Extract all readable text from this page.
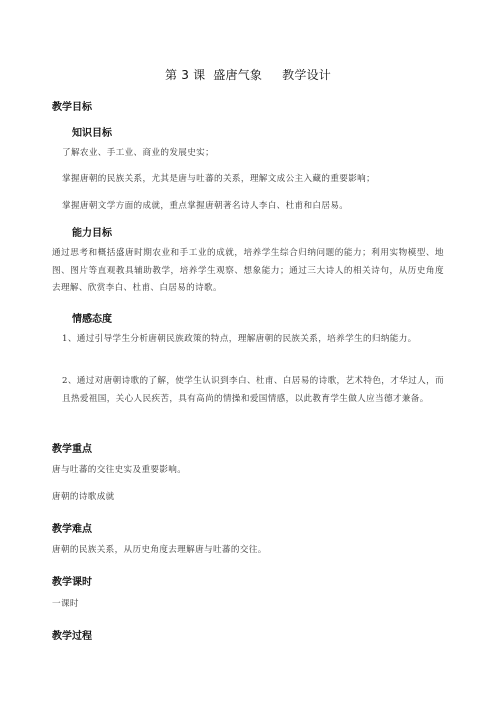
第 3 课  盛唐气象     教学设计
教学目标
知识目标
了解农业、手工业、商业的发展史实；
掌握唐朝的民族关系，尤其是唐与吐蕃的关系，理解文成公主入藏的重要影响；
掌握唐朝文学方面的成就，重点掌握唐朝著名诗人李白、杜甫和白居易。
能力目标
通过思考和概括盛唐时期农业和手工业的成就，培养学生综合归纳问题的能力；利用实物模型、地图、图片等直观教具辅助教学，培养学生观察、想象能力；通过三大诗人的相关诗句，从历史角度去理解、欣赏李白、杜甫、白居易的诗歌。
情感态度
1、通过引导学生分析唐朝民族政策的特点，理解唐朝的民族关系，培养学生的归纳能力。
2、通过对唐朝诗歌的了解，使学生认识到李白、杜甫、白居易的诗歌，艺术特色，才华过人，而且热爱祖国，关心人民疾苦，具有高尚的情操和爱国情感，以此教育学生做人应当德才兼备。
教学重点
唐与吐蕃的交往史实及重要影响。
唐朝的诗歌成就
教学难点
唐朝的民族关系，从历史角度去理解唐与吐蕃的交往。
教学课时
一课时
教学过程
